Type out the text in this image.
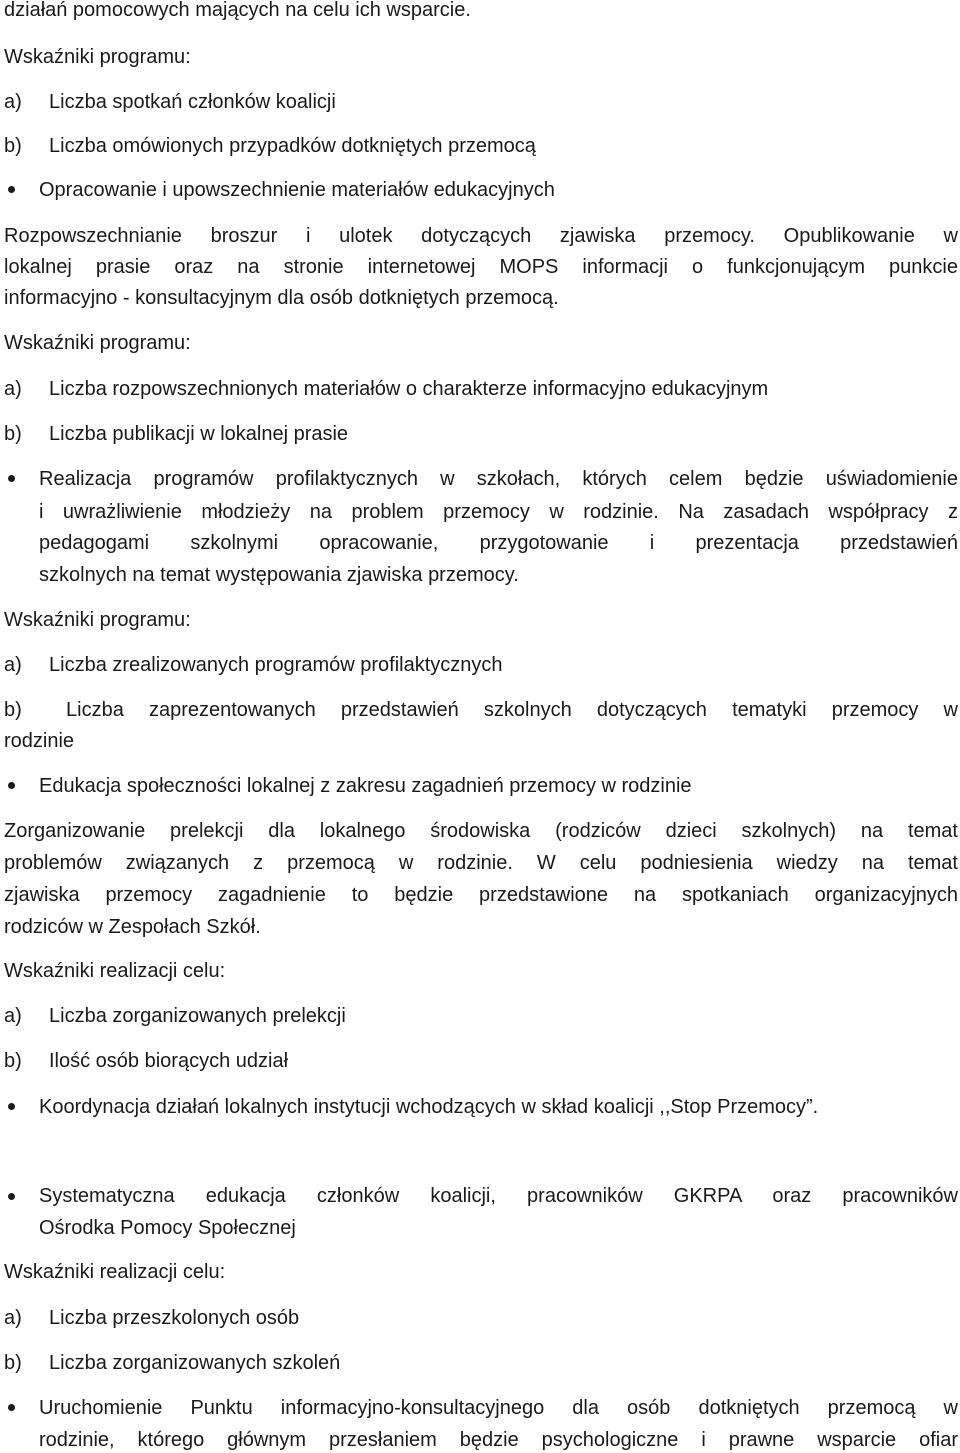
działań pomocowych mających na celu ich wsparcie.
Wskaźniki programu:
a) Liczba spotkań członków koalicji
b) Liczba omówionych przypadków dotkniętych przemocą
Opracowanie i upowszechnienie materiałów edukacyjnych
Rozpowszechnianie broszur i ulotek dotyczących zjawiska przemocy. Opublikowanie w
lokalnej prasie oraz na stronie internetowej MOPS informacji o funkcjonującym punkcie
informacyjno - konsultacyjnym dla osób dotkniętych przemocą.
Wskaźniki programu:
a) Liczba rozpowszechnionych materiałów o charakterze informacyjno edukacyjnym
b) Liczba publikacji w lokalnej prasie
Realizacja programów profilaktycznych w szkołach, których celem będzie uświadomienie
i uwrażliwienie młodzieży na problem przemocy w rodzinie. Na zasadach współpracy z
pedagogami szkolnymi opracowanie, przygotowanie i prezentacja przedstawień
szkolnych na temat występowania zjawiska przemocy.
Wskaźniki programu:
a) Liczba zrealizowanych programów profilaktycznych
b) Liczba zaprezentowanych przedstawień szkolnych dotyczących tematyki przemocy w
rodzinie
Edukacja społeczności lokalnej z zakresu zagadnień przemocy w rodzinie
Zorganizowanie prelekcji dla lokalnego środowiska (rodziców dzieci szkolnych) na temat
problemów związanych z przemocą w rodzinie. W celu podniesienia wiedzy na temat
zjawiska przemocy zagadnienie to będzie przedstawione na spotkaniach organizacyjnych
rodziców w Zespołach Szkół.
Wskaźniki realizacji celu:
a) Liczba zorganizowanych prelekcji
b) Ilość osób biorących udział
Koordynacja działań lokalnych instytucji wchodzących w skład koalicji ,,Stop Przemocy”.
Systematyczna edukacja członków koalicji, pracowników GKRPA oraz pracowników
Ośrodka Pomocy Społecznej
Wskaźniki realizacji celu:
a) Liczba przeszkolonych osób
b) Liczba zorganizowanych szkoleń
Uruchomienie Punktu informacyjno-konsultacyjnego dla osób dotkniętych przemocą w
rodzinie, którego głównym przesłaniem będzie psychologiczne i prawne wsparcie ofiar
